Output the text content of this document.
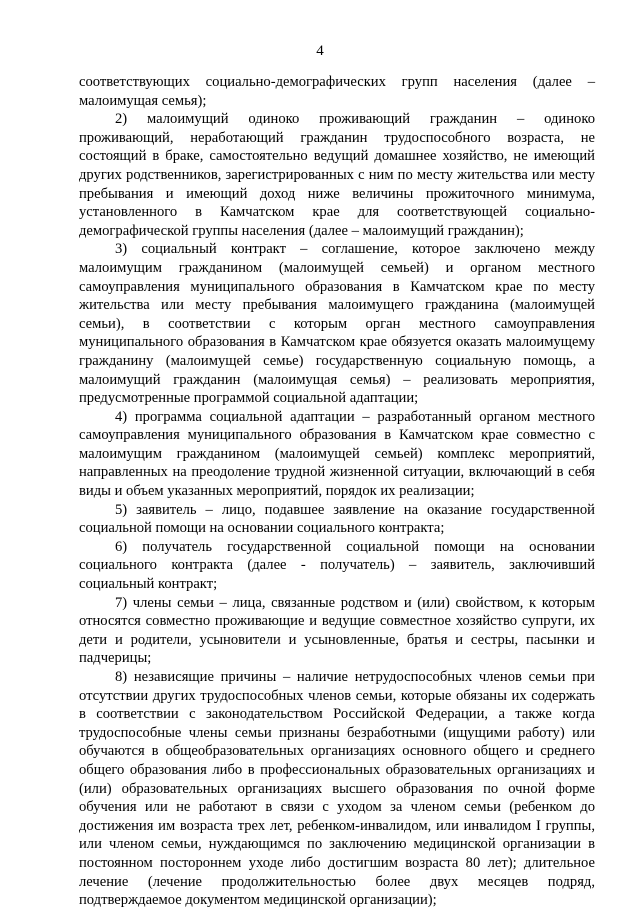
4

соответствующих социально-демографических групп населения (далее – малоимущая семья);

2) малоимущий одиноко проживающий гражданин – одиноко проживающий, неработающий гражданин трудоспособного возраста, не состоящий в браке, самостоятельно ведущий домашнее хозяйство, не имеющий других родственников, зарегистрированных с ним по месту жительства или месту пребывания и имеющий доход ниже величины прожиточного минимума, установленного в Камчатском крае для соответствующей социально-демографической группы населения (далее – малоимущий гражданин);

3) социальный контракт – соглашение, которое заключено между малоимущим гражданином (малоимущей семьей) и органом местного самоуправления муниципального образования в Камчатском крае по месту жительства или месту пребывания малоимущего гражданина (малоимущей семьи), в соответствии с которым орган местного самоуправления муниципального образования в Камчатском крае обязуется оказать малоимущему гражданину (малоимущей семье) государственную социальную помощь, а малоимущий гражданин (малоимущая семья) – реализовать мероприятия, предусмотренные программой социальной адаптации;

4) программа социальной адаптации – разработанный органом местного самоуправления муниципального образования в Камчатском крае совместно с малоимущим гражданином (малоимущей семьей) комплекс мероприятий, направленных на преодоление трудной жизненной ситуации, включающий в себя виды и объем указанных мероприятий, порядок их реализации;

5) заявитель – лицо, подавшее заявление на оказание государственной социальной помощи на основании социального контракта;

6) получатель государственной социальной помощи на основании социального контракта (далее - получатель) – заявитель, заключивший социальный контракт;

7) члены семьи – лица, связанные родством и (или) свойством, к которым относятся совместно проживающие и ведущие совместное хозяйство супруги, их дети и родители, усыновители и усыновленные, братья и сестры, пасынки и падчерицы;

8) независящие причины – наличие нетрудоспособных членов семьи при отсутствии других трудоспособных членов семьи, которые обязаны их содержать в соответствии с законодательством Российской Федерации, а также когда трудоспособные члены семьи признаны безработными (ищущими работу) или обучаются в общеобразовательных организациях основного общего и среднего общего образования либо в профессиональных образовательных организациях и (или) образовательных организациях высшего образования по очной форме обучения или не работают в связи с уходом за членом семьи (ребенком до достижения им возраста трех лет, ребенком-инвалидом, или инвалидом I группы, или членом семьи, нуждающимся по заключению медицинской организации в постоянном постороннем уходе либо достигшим возраста 80 лет); длительное лечение (лечение продолжительностью более двух месяцев подряд, подтверждаемое документом медицинской организации);
